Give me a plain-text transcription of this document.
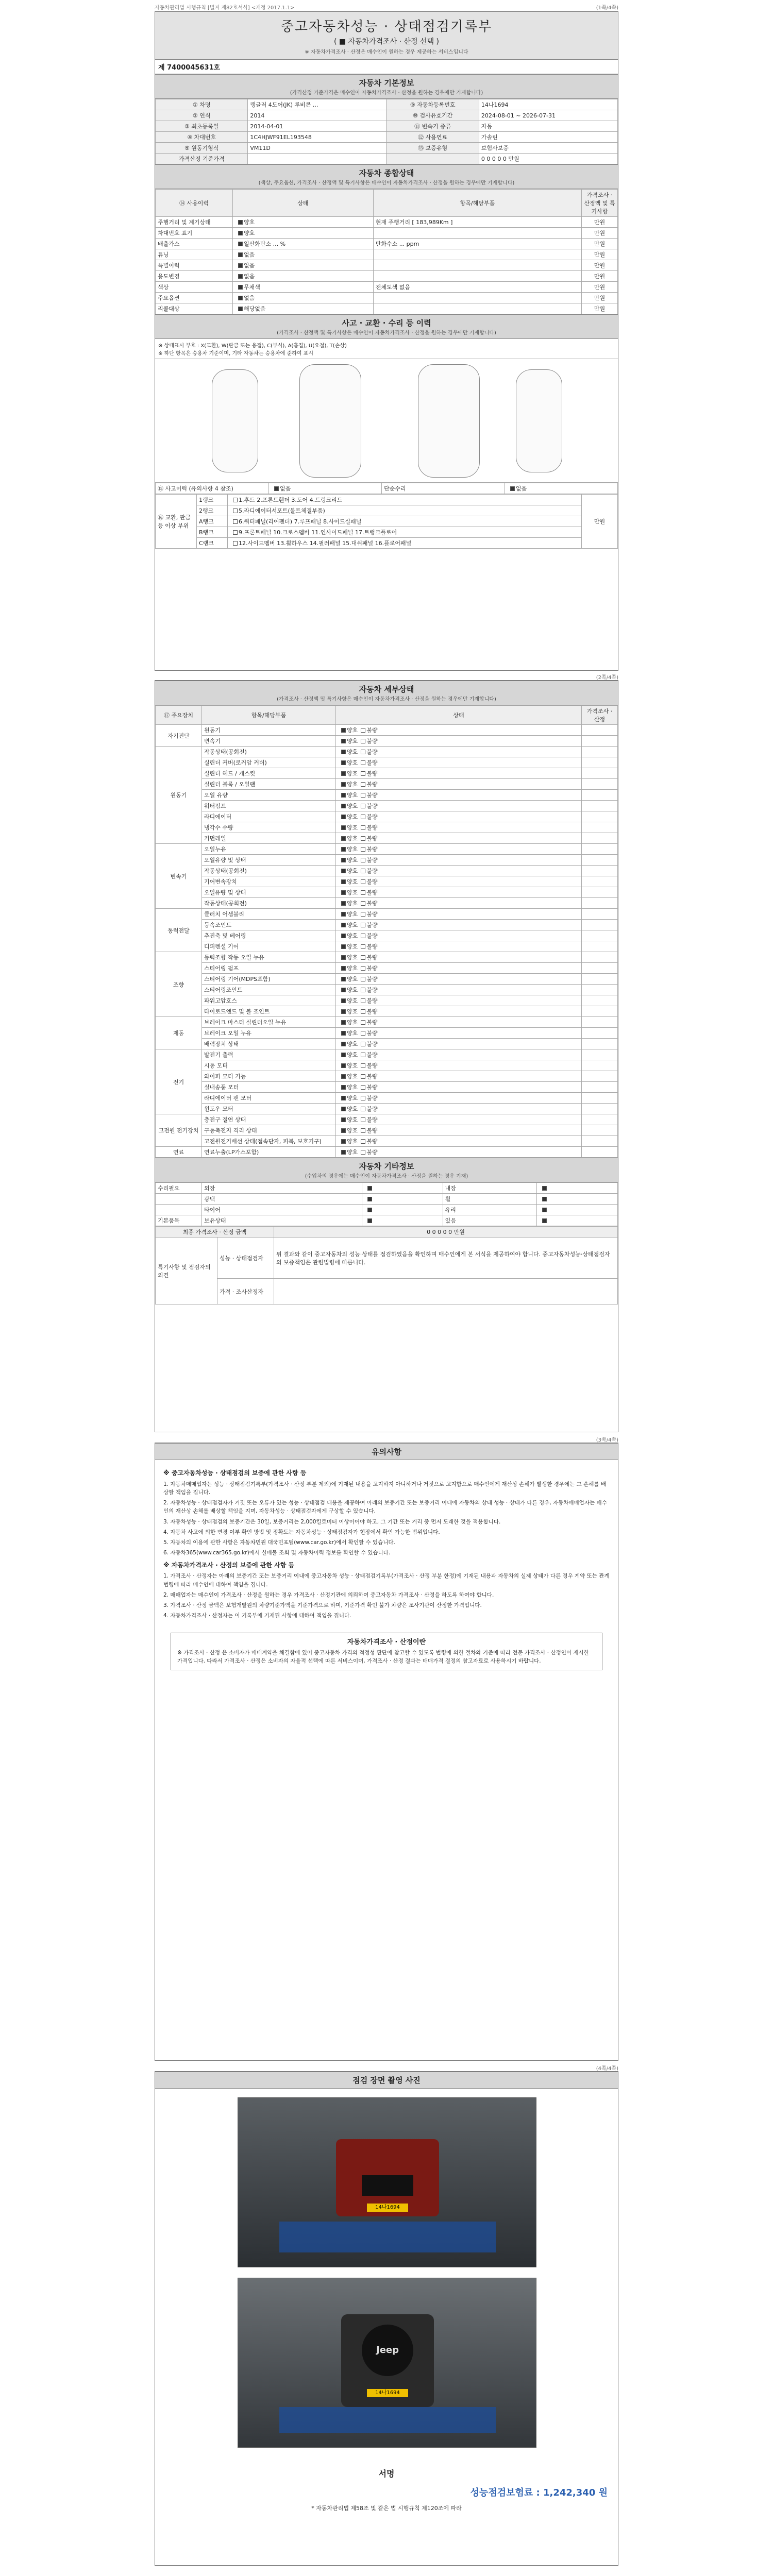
자동차관리법 시행규칙 [별지 제82호서식] <개정 2017.1.1>	(1쪽/4쪽)
중고자동차성능 · 상태점검기록부
( ■ 자동차가격조사 · 산정 선택 )
※ 자동차가격조사 · 산정은 매수인이 원하는 경우 제공하는 서비스입니다
제 7400045631호
자동차 기본정보
(가격산정 기준가격은 매수인이 자동차가격조사 · 산정을 원하는 경우에만 기재합니다)
① 차명	랭글러 4도어(JK) 루비콘 ...	⑨ 자동차등록번호	14나1694
② 연식	2014	⑩ 검사유효기간	2024-08-01 ~ 2026-07-31
③ 최초등록일	2014-04-01	⑪ 변속기 종류	자동
④ 차대번호	1C4HJWF91EL193548	⑫ 사용연료	가솔린
⑤ 원동기형식	VM11D	⑬ 보증유형	보험사보증
가격산정 기준가격			0 0 0 0 0 만원
자동차 종합상태
(색상, 주요옵션, 가격조사 · 산정액 및 특기사항은 매수인이 자동차가격조사 · 산정을 원하는 경우에만 기재합니다)
⑭ 사용이력	상태	항목/해당부품	가격조사 · 산정액 및 특기사항
주행거리 및 계기상태	양호	현재 주행거리 [ 183,989Km ]	만원
차대번호 표기	양호		만원
배출가스	일산화탄소 ... %	탄화수소 ... ppm	만원
튜닝	없음		만원
특별이력	없음		만원
용도변경	없음		만원
색상	무채색	전체도색 없음	만원
주요옵션	없음		만원
리콜대상	해당없음		만원
사고 · 교환 · 수리 등 이력
(가격조사 · 산정액 및 특기사항은 매수인이 자동차가격조사 · 산정을 원하는 경우에만 기재합니다)
※ 상태표시 부호 : X(교환), W(판금 또는 용접), C(부식), A(흠집), U(요철), T(손상)
※ 하단 항목은 승용차 기준이며, 기타 자동차는 승용차에 준하여 표시
⑮ 사고이력 (유의사항 4 참조)	없음	단순수리	없음
⑯ 교환, 판금 등 이상 부위	1랭크	1.후드 2.프론트휀더 3.도어 4.트렁크리드	만원
	2랭크	5.라디에이터서포트(볼트체결부품)	
	A랭크	6.쿼터패널(리어펜더) 7.루프패널 8.사이드실패널	
	B랭크	9.프론트패널 10.크로스멤버 11.인사이드패널 17.트렁크플로어	
	C랭크	12.사이드멤버 13.휠하우스 14.필러패널 15.대쉬패널 16.플로어패널	
(2쪽/4쪽)
자동차 세부상태
(가격조사 · 산정액 및 특기사항은 매수인이 자동차가격조사 · 산정을 원하는 경우에만 기재합니다)
⑰ 주요장치	항목/해당부품	상태	가격조사 · 산정
자기진단	원동기	양호 불량	
	변속기	양호 불량	
원동기	작동상태(공회전)	양호 불량	
	실린더 커버(로커암 커버)	양호 불량	
	실린더 헤드 / 개스킷	양호 불량	
	실린더 블록 / 오일팬	양호 불량	
	오일 유량	양호 불량	
	워터펌프	양호 불량	
	라디에이터	양호 불량	
	냉각수 수량	양호 불량	
	커먼레일	양호 불량	
변속기	오일누유	양호 불량	
	오일유량 및 상태	양호 불량	
	작동상태(공회전)	양호 불량	
	기어변속장치	양호 불량	
	오일유량 및 상태	양호 불량	
	작동상태(공회전)	양호 불량	
동력전달	클러치 어셈블리	양호 불량	
	등속조인트	양호 불량	
	추진축 및 베어링	양호 불량	
	디퍼렌셜 기어	양호 불량	
조향	동력조향 작동 오일 누유	양호 불량	
	스티어링 펌프	양호 불량	
	스티어링 기어(MDPS포함)	양호 불량	
	스티어링조인트	양호 불량	
	파워고압호스	양호 불량	
	타이로드엔드 및 볼 조인트	양호 불량	
제동	브레이크 마스터 실린더오일 누유	양호 불량	
	브레이크 오일 누유	양호 불량	
	배력장치 상태	양호 불량	
전기	발전기 출력	양호 불량	
	시동 모터	양호 불량	
	와이퍼 모터 기능	양호 불량	
	실내송풍 모터	양호 불량	
	라디에이터 팬 모터	양호 불량	
	윈도우 모터	양호 불량	
고전원 전기장치	충전구 절연 상태	양호 불량	
	구동축전지 격리 상태	양호 불량	
	고전원전기배선 상태(접속단자, 피복, 보호기구)	양호 불량	
연료	연료누출(LP가스포함)	양호 불량	
자동차 기타정보
(수입차의 경우에는 매수인이 자동차가격조사 · 산정을 원하는 경우 기재)
수리필요	외장		내장	
	광택		휠	
	타이어		유리	
기본품목	보유상태		있음	
최종 가격조사 · 산정 금액		0 0 0 0 0 만원
특기사항 및 점검자의 의견	성능 · 상태점검자	위 결과와 같이 중고자동차의 성능·상태를 점검하였음을 확인하며 매수인에게 본 서식을 제공하여야 합니다. 중고자동차성능·상태점검자의 보증책임은 관련법령에 따릅니다.
	가격 · 조사산정자	
(3쪽/4쪽)
유의사항
※ 중고자동차성능 · 상태점검의 보증에 관한 사항 등

1. 자동차매매업자는 성능 · 상태점검기록부(가격조사 · 산정 부분 제외)에 기재된 내용을 고지하지 아니하거나 거짓으로 고지함으로 매수인에게 재산상 손해가 발생한 경우에는 그 손해를 배상할 책임을 집니다.

2. 자동차성능 · 상태점검자가 거짓 또는 오류가 있는 성능 · 상태점검 내용을 제공하여 아래의 보증기간 또는 보증거리 이내에 자동차의 상태 성능 · 상태가 다른 경우, 자동차매매업자는 매수인의 재산상 손해를 배상할 책임을 지며, 자동차성능 · 상태점검자에게 구상할 수 있습니다.

3. 자동차성능 · 상태점검의 보증기간은 30일, 보증거리는 2,000킬로미터 이상이어야 하고, 그 기간 또는 거리 중 먼저 도래한 것을 적용합니다.

4. 자동차 사고에 의한 변경 여부 확인 방법 및 정확도는 자동차성능 · 상태점검자가 현장에서 확인 가능한 범위입니다.

5. 자동차의 이용에 관한 사항은 자동차민원 대국민포털(www.car.go.kr)에서 확인할 수 있습니다.

6. 자동차365(www.car365.go.kr)에서 실매물 조회 및 자동차이력 정보를 확인할 수 있습니다.

※ 자동차가격조사 · 산정의 보증에 관한 사항 등

1. 가격조사 · 산정자는 아래의 보증기간 또는 보증거리 이내에 중고자동차 성능 · 상태점검기록부(가격조사 · 산정 부분 한정)에 기재된 내용과 자동차의 실제 상태가 다른 경우 계약 또는 관계법령에 따라 매수인에 대하여 책임을 집니다.

2. 매매업자는 매수인이 가격조사 · 산정을 원하는 경우 가격조사 · 산정기관에 의뢰하여 중고자동차 가격조사 · 산정을 하도록 하여야 합니다.

3. 가격조사 · 산정 금액은 보험개발원의 차량기준가액을 기준가격으로 하며, 기준가격 확인 불가 차량은 조사기관이 산정한 가격입니다.

4. 자동차가격조사 · 산정자는 이 기록부에 기재된 사항에 대하여 책임을 집니다.

자동차가격조사 · 산정이란
※ 가격조사 · 산정 은 소비자가 매매계약을 체결함에 있어 중고자동차 가격의 적정성 판단에 참고할 수 있도록 법령에 의한 절차와 기준에 따라 전문 가격조사 · 산정인이 제시한 가격입니다. 따라서 가격조사 · 산정은 소비자의 자율적 선택에 따른 서비스이며, 가격조사 · 산정 결과는 매매가격 결정의 참고자료로 사용하시기 바랍니다.
(4쪽/4쪽)
점검 장면 촬영 사진
14나1694
Jeep
14나1694
서명
성능점검보험료 : 1,242,340 원
* 자동차관리법 제58조 및 같은 법 시행규칙 제120조에 따라
